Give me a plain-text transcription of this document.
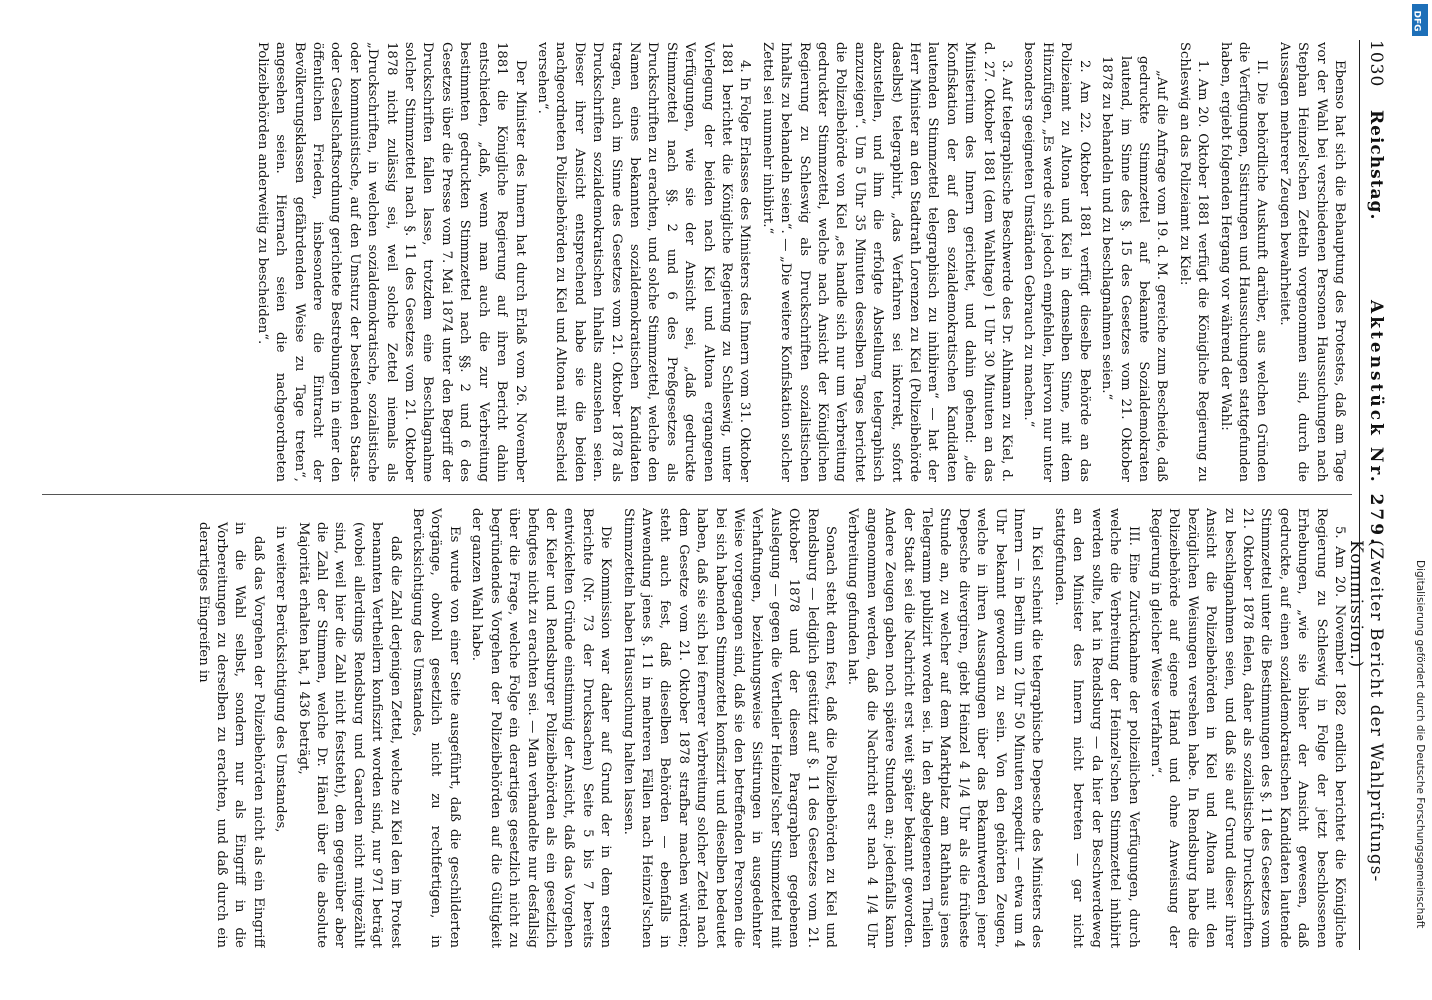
1030
Reichstag.
Aktenstück Nr. 279.
(Zweiter Bericht der Wahlprüfungs-Kommission.)

Ebenso hat sich die Behauptung des Protestes, daß am Tage vor der Wahl bei verschiedenen Personen Haussuchungen nach Stephan Heinzel'schen Zetteln vorgenommen sind, durch die Aussagen mehrerer Zeugen bewahrheitet.

II. Die behördliche Auskunft darüber, aus welchen Gründen die Verfügungen, Sistirungen und Haussuchungen stattgefunden haben, ergiebt folgenden Hergang vor während der Wahl:

1. Am 20. Oktober 1881 verfügt die Königliche Regierung zu Schleswig an das Polizeiamt zu Kiel:

„Auf die Anfrage vom 19. d. M. gereiche zum Bescheide, daß gedruckte Stimmzettel auf bekannte Sozialdemokraten lautend, im Sinne des §. 15 des Gesetzes vom 21. Oktober 1878 zu behandeln und zu beschlagnahmen seien.“

2. Am 22. Oktober 1881 verfügt dieselbe Behörde an das Polizeiamt zu Altona und Kiel in demselben Sinne, mit dem Hinzufügen, „Es werde sich jedoch empfehlen, hiervon nur unter besonders geeigneten Umständen Gebrauch zu machen.“

3. Auf telegraphische Beschwerde des Dr. Ahlmann zu Kiel, d. d. 27. Oktober 1881 (dem Wahltage) 1 Uhr 30 Minuten an das Ministerium des Innern gerichtet, und dahin gehend: „die Konfiskation der auf den sozialdemokratischen Kandidaten lautenden Stimmzettel telegraphisch zu inhibiren“ — hat der Herr Minister an den Stadtrath Lorenzen zu Kiel (Polizeibehörde daselbst) telegraphirt, „das Verfahren sei inkorrekt, sofort abzustellen, und ihm die erfolgte Abstellung telegraphisch anzuzeigen“. Um 5 Uhr 35 Minuten desselben Tages berichtet die Polizeibehörde von Kiel „es handle sich nur um Verbreitung gedruckter Stimmzettel, welche nach Ansicht der Königlichen Regierung zu Schleswig als Druckschriften sozialistischen Inhalts zu behandeln seien“. — „Die weitere Konfiskation solcher Zettel sei nunmehr inhibirt.“

4. In Folge Erlasses des Ministers des Innern vom 31. Oktober 1881 berichtet die Königliche Regierung zu Schleswig, unter Vorlegung der beiden nach Kiel und Altona ergangenen Verfügungen, wie sie der Ansicht sei, „daß gedruckte Stimmzettel nach §§. 2 und 6 des Preßgesetzes als Druckschriften zu erachten, und solche Stimmzettel, welche den Namen eines bekannten sozialdemokratischen Kandidaten tragen, auch im Sinne des Gesetzes vom 21. Oktober 1878 als Druckschriften sozialdemokratischen Inhalts anzusehen seien. Dieser ihrer Ansicht entsprechend habe sie die beiden nachgeordneten Polizeibehörden zu Kiel und Altona mit Bescheid versehen“.

Der Minister des Innern hat durch Erlaß vom 26. November 1881 die Königliche Regierung auf ihren Bericht dahin entschieden, „daß, wenn man auch die zur Verbreitung bestimmten gedruckten Stimmzettel nach §§. 2 und 6 des Gesetzes über die Presse vom 7. Mai 1874 unter den Begriff der Druckschriften fallen lasse, trotzdem eine Beschlagnahme solcher Stimmzettel nach §. 11 des Gesetzes vom 21. Oktober 1878 nicht zulässig sei, weil solche Zettel niemals als „Druckschriften, in welchen sozialdemokratische, sozialistische oder kommunistische, auf den Umsturz der bestehenden Staats- oder Gesellschaftsordnung gerichtete Bestrebungen in einer den öffentlichen Frieden, insbesondere die Eintracht der Bevölkerungsklassen gefährdenden Weise zu Tage treten“, angesehen seien. Hiernach seien die nachgeordneten Polizeibehörden anderweitig zu bescheiden“.

5. Am 20. November 1882 endlich berichtet die Königliche Regierung zu Schleswig in Folge der jetzt beschlossenen Erhebungen, „wie sie bisher der Ansicht gewesen, daß gedruckte, auf einen sozialdemokratischen Kandidaten lautende Stimmzettel unter die Bestimmungen des §. 11 des Gesetzes vom 21. Oktober 1878 fielen, daher als sozialistische Druckschriften zu beschlagnahmen seien, und daß sie auf Grund dieser ihrer Ansicht die Polizeibehörden in Kiel und Altona mit den bezüglichen Weisungen versehen habe. In Rendsburg habe die Polizeibehörde auf eigene Hand und ohne Anweisung der Regierung in gleicher Weise verfahren“.

III. Eine Zurücknahme der polizeilichen Verfügungen, durch welche die Verbreitung der Heinzel'schen Stimmzettel inhibirt werden sollte, hat in Rendsburg — da hier der Beschwerdeweg an den Minister des Innern nicht betreten — gar nicht stattgefunden.

In Kiel scheint die telegraphische Depesche des Ministers des Innern — in Berlin um 2 Uhr 50 Minuten expedirt — etwa um 4 Uhr bekannt geworden zu sein. Von den gehörten Zeugen, welche in ihren Aussagungen über das Bekanntwerden jener Depesche divergiren, giebt Heinzel 4 1/4 Uhr als die früheste Stunde an, zu welcher auf dem Marktplatz am Rathhaus jenes Telegramm publizirt worden sei. In den abgelegeneren Theilen der Stadt sei die Nachricht erst weit später bekannt geworden. Andere Zeugen gaben noch spätere Stunden an; jedenfalls kann angenommen werden, daß die Nachricht erst nach 4 1/4 Uhr Verbreitung gefunden hat.

Sonach steht denn fest, daß die Polizeibehörden zu Kiel und Rendsburg — lediglich gestützt auf §. 11 des Gesetzes vom 21. Oktober 1878 und der diesem Paragraphen gegebenen Auslegung — gegen die Vertheiler Heinzel'scher Stimmzettel mit Verhaftungen, beziehungsweise Sistirungen in ausgedehnter Weise vorgegangen sind, daß sie den betreffenden Personen die bei sich habenden Stimmzettel konfiszirt und dieselben bedeutet haben, daß sie sich bei fernerer Verbreitung solcher Zettel nach dem Gesetze vom 21. Oktober 1878 strafbar machen würden; steht auch fest, daß dieselben Behörden — ebenfalls in Anwendung jenes §. 11 in mehreren Fällen nach Heinzel'schen Stimmzetteln haben Haussuchung halten lassen.

Die Kommission war daher auf Grund der in dem ersten Berichte (Nr. 73 der Drucksachen) Seite 5 bis 7 bereits entwickelten Gründe einstimmig der Ansicht, daß das Vorgehen der Kieler und Rendsburger Polizeibehörden als ein gesetzlich befugtes nicht zu erachten sei. — Man verhandelte nur desfallsig über die Frage, welche Folge ein derartiges gesetzlich nicht zu begründendes Vorgehen der Polizeibehörden auf die Gültigkeit der ganzen Wahl habe.

Es wurde von einer Seite ausgeführt, daß die geschilderten Vorgänge, obwohl gesetzlich nicht zu rechtfertigen, in Berücksichtigung des Umstandes,

daß die Zahl derjenigen Zettel, welche zu Kiel den im Protest benannten Vertheilern konfiszirt worden sind, nur 971 beträgt (wobei allerdings Rendsburg und Gaarden nicht mitgezählt sind, weil hier die Zahl nicht feststeht), dem gegenüber aber die Zahl der Stimmen, welche Dr. Hänel über die absolute Majorität erhalten hat, 1 436 beträgt,

in weiterer Berücksichtigung des Umstandes,

daß das Vorgehen der Polizeibehörden nicht als ein Eingriff in die Wahl selbst, sondern nur als Eingriff in die Vorbereitungen zu derselben zu erachten, und daß durch ein derartiges Eingreifen in

DFG
Digitalisierung gefördert durch die Deutsche Forschungsgemeinschaft
